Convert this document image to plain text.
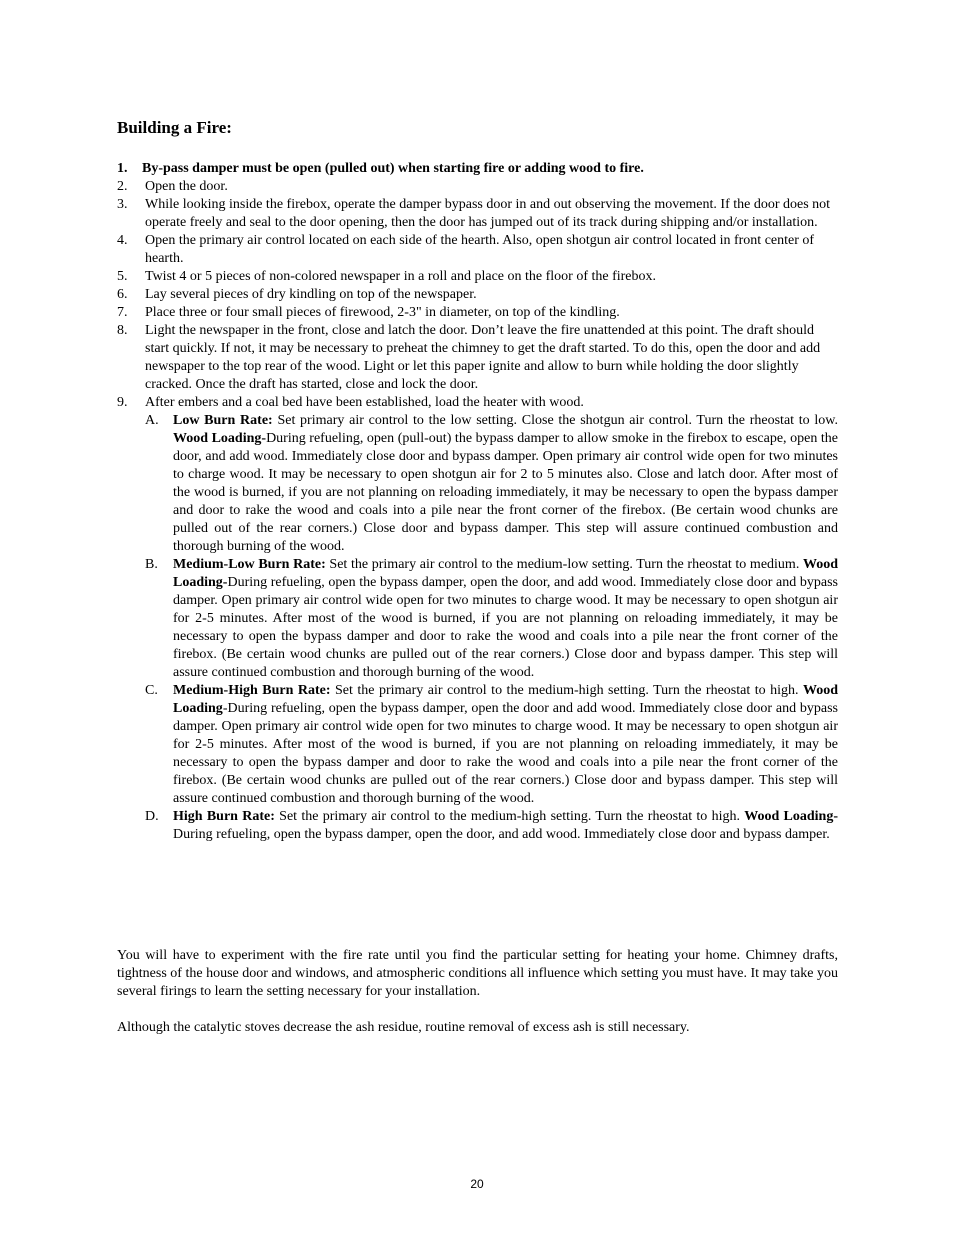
Building a Fire:
1. By-pass damper must be open (pulled out) when starting fire or adding wood to fire.
2. Open the door.
3. While looking inside the firebox, operate the damper bypass door in and out observing the movement. If the door does not operate freely and seal to the door opening, then the door has jumped out of its track during shipping and/or installation.
4. Open the primary air control located on each side of the hearth. Also, open shotgun air control located in front center of hearth.
5. Twist 4 or 5 pieces of non-colored newspaper in a roll and place on the floor of the firebox.
6. Lay several pieces of dry kindling on top of the newspaper.
7. Place three or four small pieces of firewood, 2-3" in diameter, on top of the kindling.
8. Light the newspaper in the front, close and latch the door. Don’t leave the fire unattended at this point. The draft should start quickly. If not, it may be necessary to preheat the chimney to get the draft started. To do this, open the door and add newspaper to the top rear of the wood. Light or let this paper ignite and allow to burn while holding the door slightly cracked. Once the draft has started, close and lock the door.
9. After embers and a coal bed have been established, load the heater with wood.
A. Low Burn Rate: Set primary air control to the low setting. Close the shotgun air control. Turn the rheostat to low. Wood Loading-During refueling, open (pull-out) the bypass damper to allow smoke in the firebox to escape, open the door, and add wood. Immediately close door and bypass damper. Open primary air control wide open for two minutes to charge wood. It may be necessary to open shotgun air for 2 to 5 minutes also. Close and latch door. After most of the wood is burned, if you are not planning on reloading immediately, it may be necessary to open the bypass damper and door to rake the wood and coals into a pile near the front corner of the firebox. (Be certain wood chunks are pulled out of the rear corners.) Close door and bypass damper. This step will assure continued combustion and thorough burning of the wood.
B. Medium-Low Burn Rate: Set the primary air control to the medium-low setting. Turn the rheostat to medium. Wood Loading-During refueling, open the bypass damper, open the door, and add wood. Immediately close door and bypass damper. Open primary air control wide open for two minutes to charge wood. It may be necessary to open shotgun air for 2-5 minutes. After most of the wood is burned, if you are not planning on reloading immediately, it may be necessary to open the bypass damper and door to rake the wood and coals into a pile near the front corner of the firebox. (Be certain wood chunks are pulled out of the rear corners.) Close door and bypass damper. This step will assure continued combustion and thorough burning of the wood.
C. Medium-High Burn Rate: Set the primary air control to the medium-high setting. Turn the rheostat to high. Wood Loading-During refueling, open the bypass damper, open the door and add wood. Immediately close door and bypass damper. Open primary air control wide open for two minutes to charge wood. It may be necessary to open shotgun air for 2-5 minutes. After most of the wood is burned, if you are not planning on reloading immediately, it may be necessary to open the bypass damper and door to rake the wood and coals into a pile near the front corner of the firebox. (Be certain wood chunks are pulled out of the rear corners.) Close door and bypass damper. This step will assure continued combustion and thorough burning of the wood.
D. High Burn Rate: Set the primary air control to the medium-high setting. Turn the rheostat to high. Wood Loading-During refueling, open the bypass damper, open the door, and add wood. Immediately close door and bypass damper.

You will have to experiment with the fire rate until you find the particular setting for heating your home. Chimney drafts, tightness of the house door and windows, and atmospheric conditions all influence which setting you must have. It may take you several firings to learn the setting necessary for your installation.

Although the catalytic stoves decrease the ash residue, routine removal of excess ash is still necessary.

20
